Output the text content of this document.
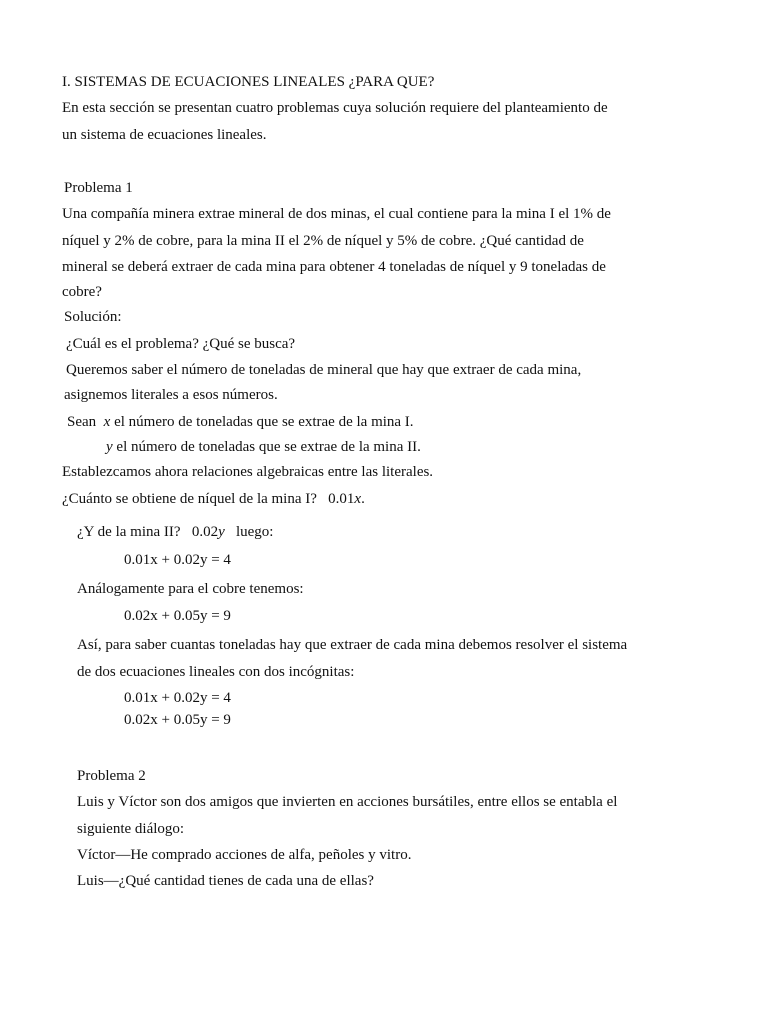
I. SISTEMAS DE ECUACIONES LINEALES ¿PARA QUE?
En esta sección se presentan cuatro problemas cuya solución requiere del planteamiento de
un sistema de ecuaciones lineales.
Problema 1
Una compañía minera extrae mineral de dos minas, el cual contiene para la mina I el 1% de
níquel y 2% de cobre, para la mina II el 2% de níquel y 5% de cobre. ¿Qué cantidad de
mineral se deberá extraer de cada mina para obtener 4 toneladas de níquel y 9 toneladas de
cobre?
Solución:
¿Cuál es el problema? ¿Qué se busca?
Queremos saber el número de toneladas de mineral que hay que extraer de cada mina,
asignemos literales a esos números.
Sean x el número de toneladas que se extrae de la mina I.
y el número de toneladas que se extrae de la mina II.
Establezcamos ahora relaciones algebraicas entre las literales.
¿Cuánto se obtiene de níquel de la mina I? 0.01x.
¿Y de la mina II? 0.02y luego:
0.01x + 0.02y = 4
Análogamente para el cobre tenemos:
0.02x + 0.05y = 9
Así, para saber cuantas toneladas hay que extraer de cada mina debemos resolver el sistema
de dos ecuaciones lineales con dos incógnitas:
0.01x + 0.02y = 4
0.02x + 0.05y = 9
Problema 2
Luis y Víctor son dos amigos que invierten en acciones bursátiles, entre ellos se entabla el
siguiente diálogo:
Víctor—He comprado acciones de alfa, peñoles y vitro.
Luis—¿Qué cantidad tienes de cada una de ellas?
